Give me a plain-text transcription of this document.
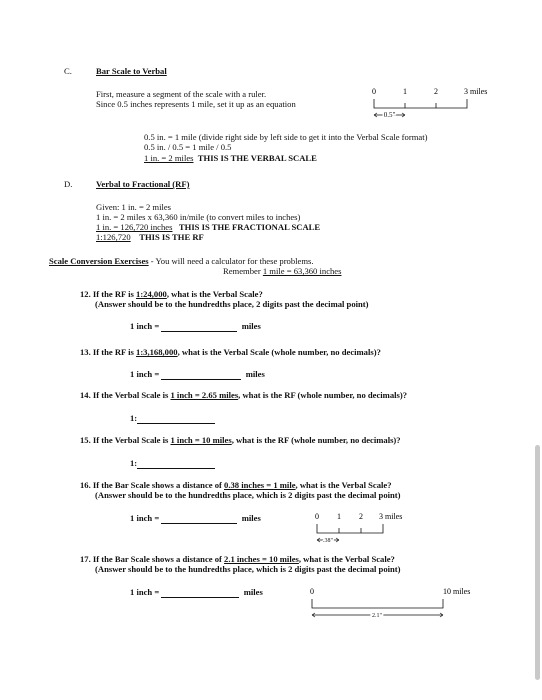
C.	Bar Scale to Verbal
First, measure a segment of the scale with a ruler.
Since 0.5 inches represents 1 mile, set it up as an equation
0	1	2	3 miles
0.5"
0.5 in. = 1 mile (divide right side by left side to get it into the Verbal Scale format)
0.5 in. / 0.5 = 1 mile / 0.5
1 in. = 2 miles THIS IS THE VERBAL SCALE
D.	Verbal to Fractional (RF)
Given: 1 in. = 2 miles
1 in. = 2 miles x 63,360 in/mile (to convert miles to inches)
1 in. = 126,720 inches THIS IS THE FRACTIONAL SCALE
1:126,720 THIS IS THE RF
Scale Conversion Exercises - You will need a calculator for these problems.
Remember 1 mile = 63,360 inches
12. If the RF is 1:24,000, what is the Verbal Scale?
(Answer should be to the hundredths place, 2 digits past the decimal point)
1 inch =	miles
13. If the RF is 1:3,168,000, what is the Verbal Scale (whole number, no decimals)?
1 inch =	miles
14. If the Verbal Scale is 1 inch = 2.65 miles, what is the RF (whole number, no decimals)?
1:
15. If the Verbal Scale is 1 inch = 10 miles, what is the RF (whole number, no decimals)?
1:
16. If the Bar Scale shows a distance of 0.38 inches = 1 mile, what is the Verbal Scale?
(Answer should be to the hundredths place, which is 2 digits past the decimal point)
1 inch =	miles	0 1 2 3 miles
.38"
17. If the Bar Scale shows a distance of 2.1 inches = 10 miles, what is the Verbal Scale?
(Answer should be to the hundredths place, which is 2 digits past the decimal point)
1 inch =	miles	0	10 miles
2.1"
